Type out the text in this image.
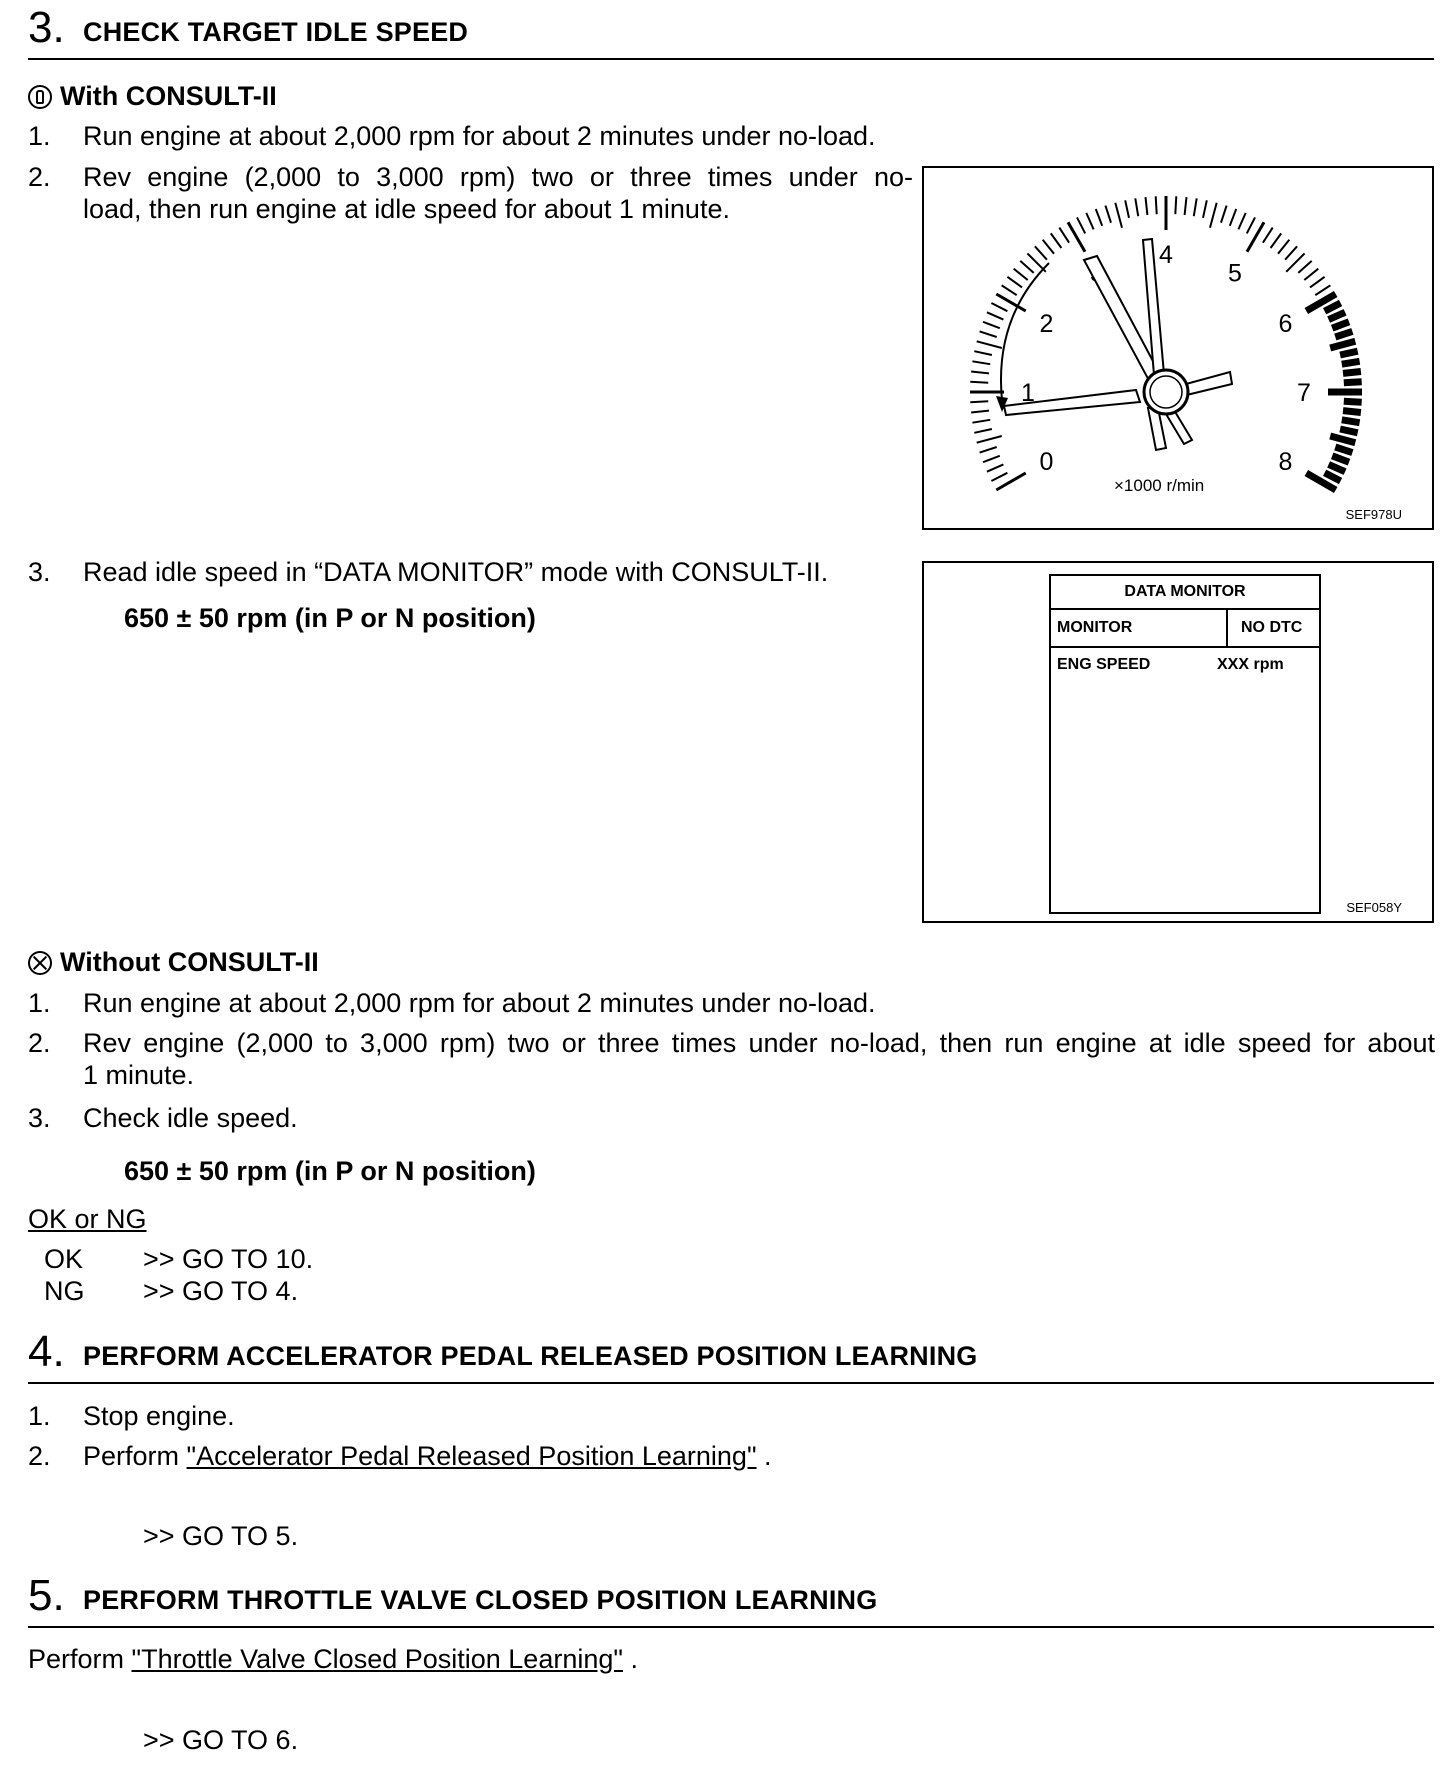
3. CHECK TARGET IDLE SPEED
With CONSULT-II
1. Run engine at about 2,000 rpm for about 2 minutes under no-load.
2. Rev engine (2,000 to 3,000 rpm) two or three times under no-
load, then run engine at idle speed for about 1 minute.
0
1
2
4
5
6
7
8
×1000 r/min
SEF978U
3. Read idle speed in “DATA MONITOR” mode with CONSULT-II.
650 ± 50 rpm (in P or N position)
DATA MONITOR
MONITOR	NO DTC
ENG SPEED	XXX rpm
SEF058Y
Without CONSULT-II
1. Run engine at about 2,000 rpm for about 2 minutes under no-load.
2. Rev engine (2,000 to 3,000 rpm) two or three times under no-load, then run engine at idle speed for about
1 minute.
3. Check idle speed.
650 ± 50 rpm (in P or N position)
OK or NG
OK >> GO TO 10.
NG >> GO TO 4.
4. PERFORM ACCELERATOR PEDAL RELEASED POSITION LEARNING
1. Stop engine.
2. Perform "Accelerator Pedal Released Position Learning" .
>> GO TO 5.
5. PERFORM THROTTLE VALVE CLOSED POSITION LEARNING
Perform "Throttle Valve Closed Position Learning" .
>> GO TO 6.
